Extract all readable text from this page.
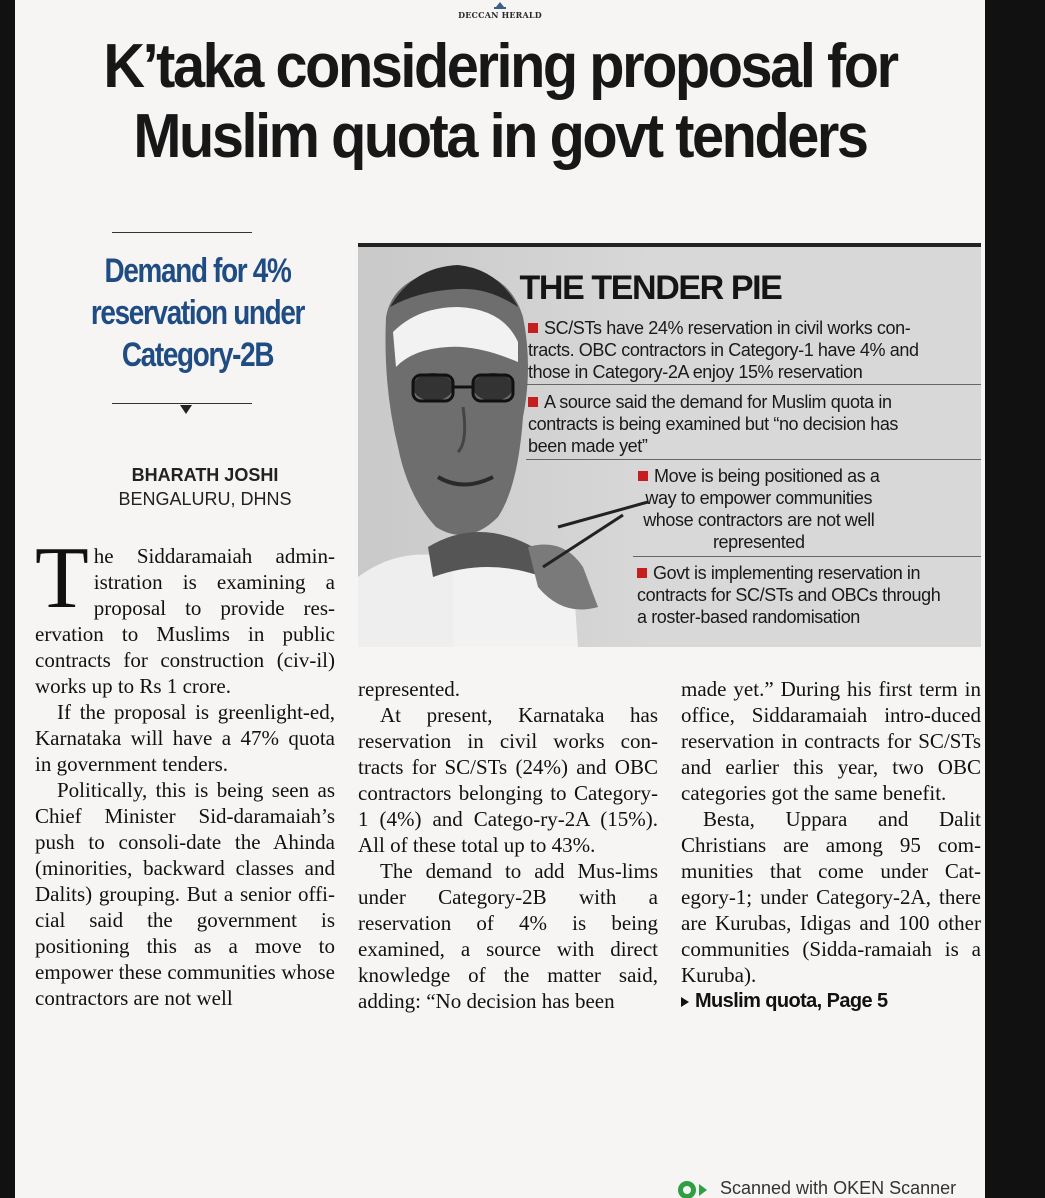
DECCAN HERALD
K’taka considering proposal for
Muslim quota in govt tenders
Demand for 4%
reservation under
Category-2B
BHARATH JOSHI
BENGALURU, DHNS

The Siddaramaiah admin-istration is examining a proposal to provide res- ervation to Muslims in public contracts for construction (civ-il) works up to Rs 1 crore.

If the proposal is greenlight-ed, Karnataka will have a 47% quota in government tenders.

Politically, this is being seen as Chief Minister Sid-daramaiah’s push to consoli-date the Ahinda (minorities, backward classes and Dalits) grouping. But a senior offi-cial said the government is positioning this as a move to empower these communities whose contractors are not well

represented.

At present, Karnataka has reservation in civil works con-tracts for SC/STs (24%) and OBC contractors belonging to Category-1 (4%) and Catego-ry-2A (15%). All of these total up to 43%.

The demand to add Mus-lims under Category-2B with a reservation of 4% is being examined, a source with direct knowledge of the matter said, adding: “No decision has been

made yet.” During his first term in office, Siddaramaiah intro-duced reservation in contracts for SC/STs and earlier this year, two OBC categories got the same benefit.

Besta, Uppara and Dalit Christians are among 95 com-munities that come under Cat-egory-1; under Category-2A, there are Kurubas, Idigas and 100 other communities (Sidda-ramaiah is a Kuruba).

Muslim quota, Page 5

THE TENDER PIE
SC/STs have 24% reservation in civil works con-
tracts. OBC contractors in Category-1 have 4% and
those in Category-2A enjoy 15% reservation
A source said the demand for Muslim quota in
contracts is being examined but “no decision has
been made yet”
Move is being positioned as a
way to empower communities
whose contractors are not well
represented
Govt is implementing reservation in
contracts for SC/STs and OBCs through
a roster-based randomisation
Scanned with OKEN Scanner
